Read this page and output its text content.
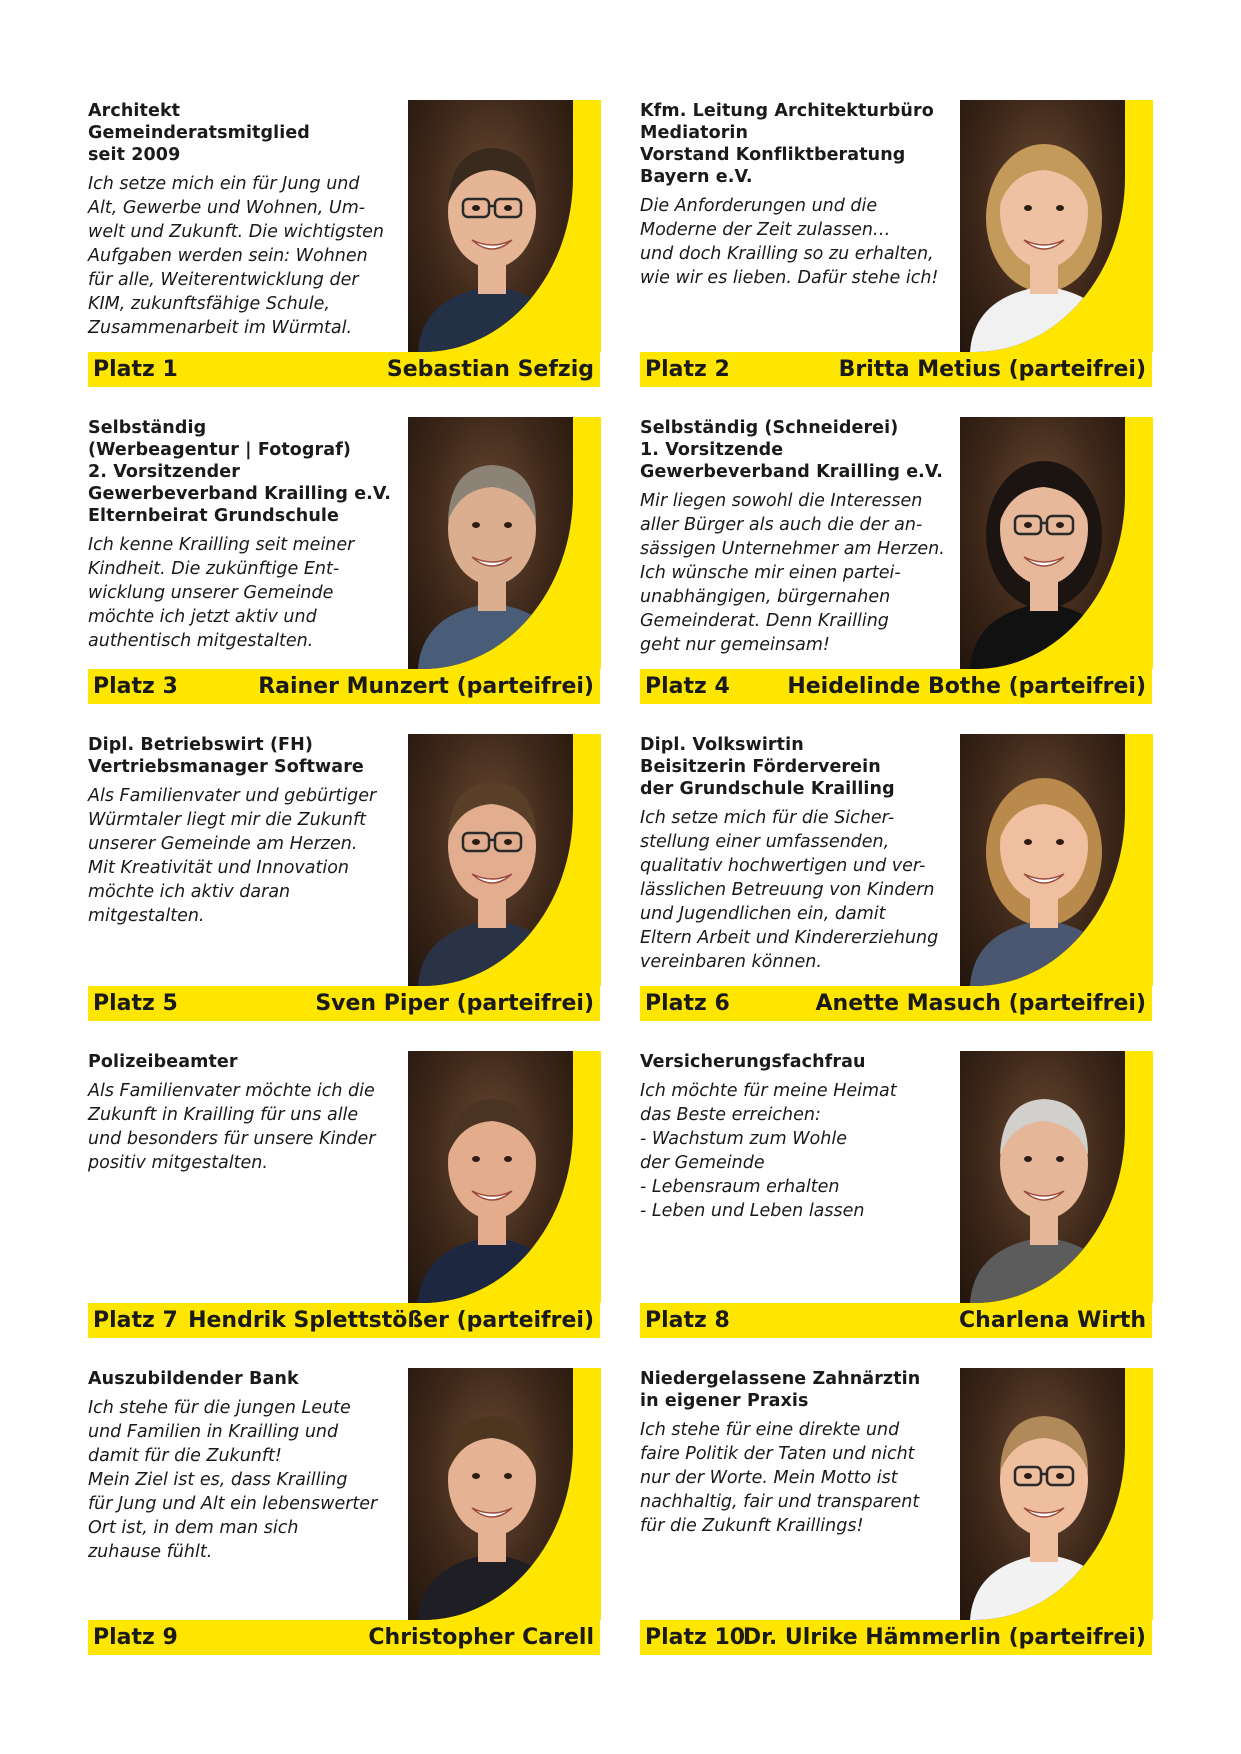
Architekt
Gemeinderatsmitglied
seit 2009
Ich setze mich ein für Jung und
Alt, Gewerbe und Wohnen, Um-
welt und Zukunft. Die wichtigsten
Aufgaben werden sein: Wohnen
für alle, Weiterentwicklung der
KIM, zukunftsfähige Schule,
Zusammenarbeit im Würmtal.
Platz 1	Sebastian Sefzig
Kfm. Leitung Architekturbüro
Mediatorin
Vorstand Konfliktberatung
Bayern e.V.
Die Anforderungen und die
Moderne der Zeit zulassen…
und doch Krailling so zu erhalten,
wie wir es lieben. Dafür stehe ich!
Platz 2	Britta Metius (parteifrei)
Selbständig
(Werbeagentur | Fotograf)
2. Vorsitzender
Gewerbeverband Krailling e.V.
Elternbeirat Grundschule
Ich kenne Krailling seit meiner
Kindheit. Die zukünftige Ent-
wicklung unserer Gemeinde
möchte ich jetzt aktiv und
authentisch mitgestalten.
Platz 3	Rainer Munzert (parteifrei)
Selbständig (Schneiderei)
1. Vorsitzende
Gewerbeverband Krailling e.V.
Mir liegen sowohl die Interessen
aller Bürger als auch die der an-
sässigen Unternehmer am Herzen.
Ich wünsche mir einen partei-
unabhängigen, bürgernahen
Gemeinderat. Denn Krailling
geht nur gemeinsam!
Platz 4	Heidelinde Bothe (parteifrei)
Dipl. Betriebswirt (FH)
Vertriebsmanager Software
Als Familienvater und gebürtiger
Würmtaler liegt mir die Zukunft
unserer Gemeinde am Herzen.
Mit Kreativität und Innovation
möchte ich aktiv daran
mitgestalten.
Platz 5	Sven Piper (parteifrei)
Dipl. Volkswirtin
Beisitzerin Förderverein
der Grundschule Krailling
Ich setze mich für die Sicher-
stellung einer umfassenden,
qualitativ hochwertigen und ver-
lässlichen Betreuung von Kindern
und Jugendlichen ein, damit
Eltern Arbeit und Kindererziehung
vereinbaren können.
Platz 6	Anette Masuch (parteifrei)
Polizeibeamter
Als Familienvater möchte ich die
Zukunft in Krailling für uns alle
und besonders für unsere Kinder
positiv mitgestalten.
Platz 7 Hendrik Splettstößer (parteifrei)
Versicherungsfachfrau
Ich möchte für meine Heimat
das Beste erreichen:
- Wachstum zum Wohle
der Gemeinde
- Lebensraum erhalten
- Leben und Leben lassen
Platz 8	Charlena Wirth
Auszubildender Bank
Ich stehe für die jungen Leute
und Familien in Krailling und
damit für die Zukunft!
Mein Ziel ist es, dass Krailling
für Jung und Alt ein lebenswerter
Ort ist, in dem man sich
zuhause fühlt.
Platz 9	Christopher Carell
Niedergelassene Zahnärztin
in eigener Praxis
Ich stehe für eine direkte und
faire Politik der Taten und nicht
nur der Worte. Mein Motto ist
nachhaltig, fair und transparent
für die Zukunft Kraillings!
Platz 10
Dr. Ulrike Hämmerlin (parteifrei)
